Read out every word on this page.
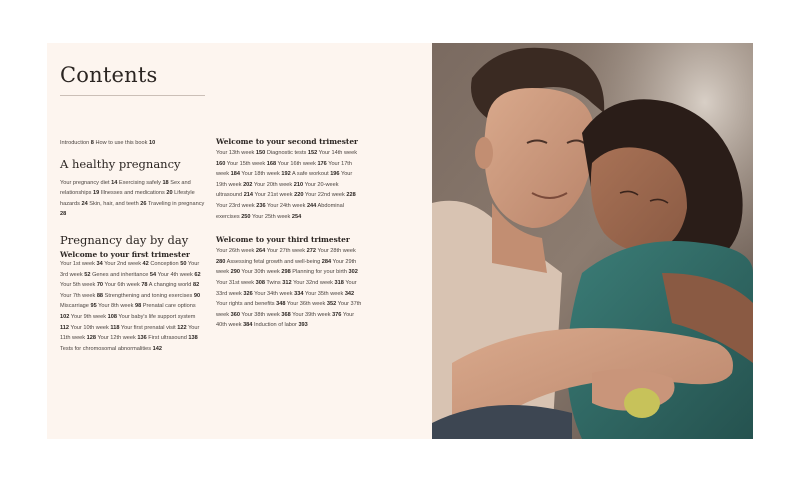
Contents
Introduction 8 How to use this book 10
A healthy pregnancy
Your pregnancy diet 14 Exercising safely 18 Sex and relationships 19 Illnesses and medications 20 Lifestyle hazards 24 Skin, hair, and teeth 26 Traveling in pregnancy 28
Pregnancy day by day
Welcome to your first trimester
Your 1st week 34 Your 2nd week 42 Conception 50 Your 3rd week 52 Genes and inheritance 54 Your 4th week 62 Your 5th week 70 Your 6th week 78 A changing world 82 Your 7th week 88 Strengthening and toning exercises 90 Miscarriage 95 Your 8th week 98 Prenatal care options 102 Your 9th week 108 Your baby's life support system 112 Your 10th week 118 Your first prenatal visit 122 Your 11th week 128 Your 12th week 136 First ultrasound 138 Tests for chromosomal abnormalities 142
Welcome to your second trimester
Your 13th week 150 Diagnostic tests 152 Your 14th week 160 Your 15th week 168 Your 16th week 176 Your 17th week 184 Your 18th week 192 A safe workout 196 Your 19th week 202 Your 20th week 210 Your 20-week ultrasound 214 Your 21st week 220 Your 22nd week 228 Your 23rd week 236 Your 24th week 244 Abdominal exercises 250 Your 25th week 254
Welcome to your third trimester
Your 26th week 264 Your 27th week 272 Your 28th week 280 Assessing fetal growth and well-being 284 Your 29th week 290 Your 30th week 298 Planning for your birth 302 Your 31st week 308 Twins 312 Your 32nd week 318 Your 33rd week 326 Your 34th week 334 Your 35th week 342 Your rights and benefits 348 Your 36th week 352 Your 37th week 360 Your 38th week 368 Your 39th week 376 Your 40th week 384 Induction of labor 393
